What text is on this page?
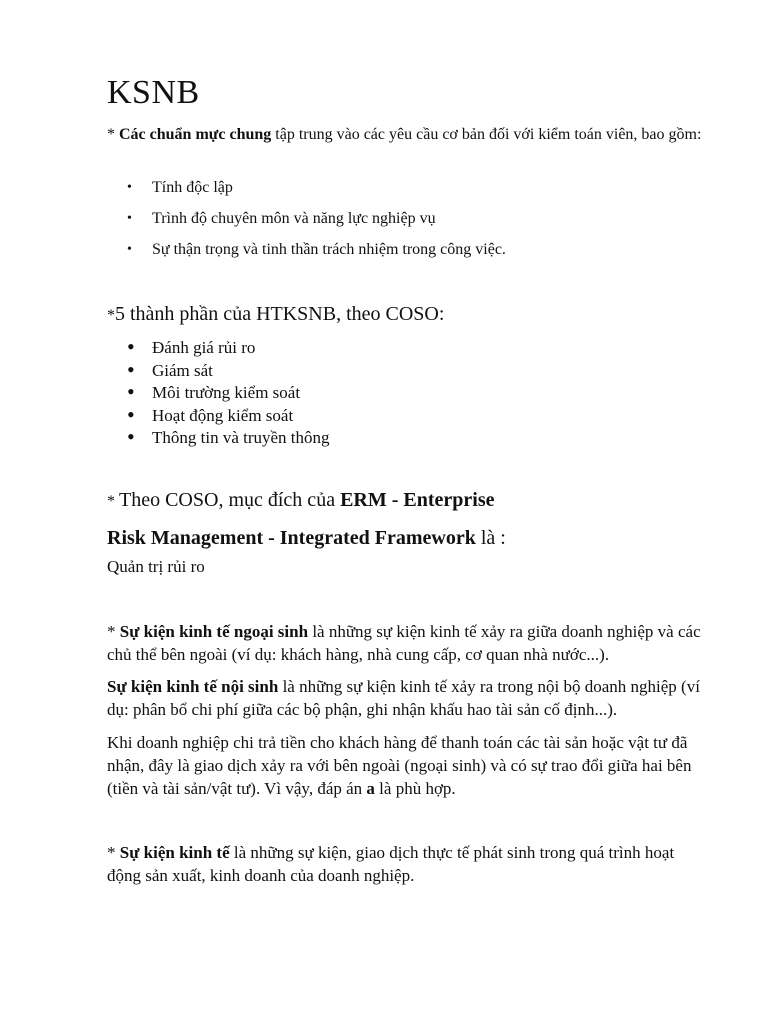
KSNB

* Các chuẩn mực chung tập trung vào các yêu cầu cơ bản đối với kiểm toán viên, bao gồm:

• Tính độc lập
• Trình độ chuyên môn và năng lực nghiệp vụ
• Sự thận trọng và tinh thần trách nhiệm trong công việc.

*5 thành phần của HTKSNB, theo COSO:

• Đánh giá rủi ro
• Giám sát
• Môi trường kiểm soát
• Hoạt động kiểm soát
• Thông tin và truyền thông

* Theo COSO, mục đích của ERM - Enterprise
Risk Management - Integrated Framework là :

Quản trị rủi ro

* Sự kiện kinh tế ngoại sinh là những sự kiện kinh tế xảy ra giữa doanh nghiệp và các chủ thể bên ngoài (ví dụ: khách hàng, nhà cung cấp, cơ quan nhà nước...).

Sự kiện kinh tế nội sinh là những sự kiện kinh tế xảy ra trong nội bộ doanh nghiệp (ví dụ: phân bổ chi phí giữa các bộ phận, ghi nhận khấu hao tài sản cố định...).

Khi doanh nghiệp chi trả tiền cho khách hàng để thanh toán các tài sản hoặc vật tư đã nhận, đây là giao dịch xảy ra với bên ngoài (ngoại sinh) và có sự trao đổi giữa hai bên (tiền và tài sản/vật tư). Vì vậy, đáp án a là phù hợp.

* Sự kiện kinh tế là những sự kiện, giao dịch thực tế phát sinh trong quá trình hoạt động sản xuất, kinh doanh của doanh nghiệp.
